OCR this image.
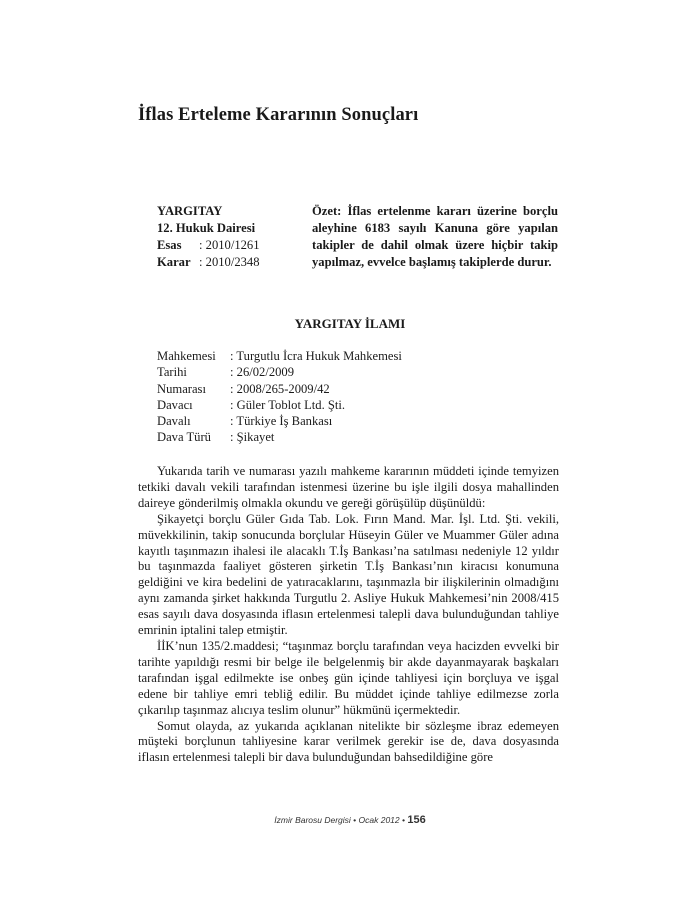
İflas Erteleme Kararının Sonuçları
YARGITAY
12. Hukuk Dairesi
Esas	: 2010/1261
Karar : 2010/2348
Özet: İflas ertelenme kararı üzerine borçlu aleyhine 6183 sayılı Kanuna göre yapılan takipler de dahil olmak üzere hiçbir takip yapılmaz, evvelce başlamış takiplerde durur.
YARGITAY İLAMI
Mahkemesi	: Turgutlu İcra Hukuk Mahkemesi
Tarihi	: 26/02/2009
Numarası	: 2008/265-2009/42
Davacı	: Güler Toblot Ltd. Şti.
Davalı	: Türkiye İş Bankası
Dava Türü	: Şikayet

Yukarıda tarih ve numarası yazılı mahkeme kararının müddeti içinde temyizen tetkiki davalı vekili tarafından istenmesi üzerine bu işle ilgili dosya mahallinden daireye gönderilmiş olmakla okundu ve gereği görüşülüp düşünüldü:

Şikayetçi borçlu Güler Gıda Tab. Lok. Fırın Mand. Mar. İşl. Ltd. Şti. vekili, müvekkilinin, takip sonucunda borçlular Hüseyin Güler ve Muammer Güler adına kayıtlı taşınmazın ihalesi ile alacaklı T.İş Bankası’na satılması nedeniyle 12 yıldır bu taşınmazda faaliyet gösteren şirketin T.İş Bankası’nın kiracısı konumuna geldiğini ve kira bedelini de yatıracaklarını, taşınmazla bir ilişkilerinin olmadığını aynı zamanda şirket hakkında Turgutlu 2. Asliye Hukuk Mahkemesi’nin 2008/415 esas sayılı dava dosyasında iflasın ertelenmesi talepli dava bulunduğundan tahliye emrinin iptalini talep etmiştir.

İİK’nun 135/2.maddesi; “taşınmaz borçlu tarafından veya hacizden evvelki bir tarihte yapıldığı resmi bir belge ile belgelenmiş bir akde dayanmayarak başkaları tarafından işgal edilmekte ise onbeş gün içinde tahliyesi için borçluya ve işgal edene bir tahliye emri tebliğ edilir. Bu müddet içinde tahliye edilmezse zorla çıkarılıp taşınmaz alıcıya teslim olunur” hükmünü içermektedir.

Somut olayda, az yukarıda açıklanan nitelikte bir sözleşme ibraz edemeyen müşteki borçlunun tahliyesine karar verilmek gerekir ise de, dava dosyasında iflasın ertelenmesi talepli bir dava bulunduğundan bahsedildiğine göre

İzmir Barosu Dergisi • Ocak 2012 • 156
